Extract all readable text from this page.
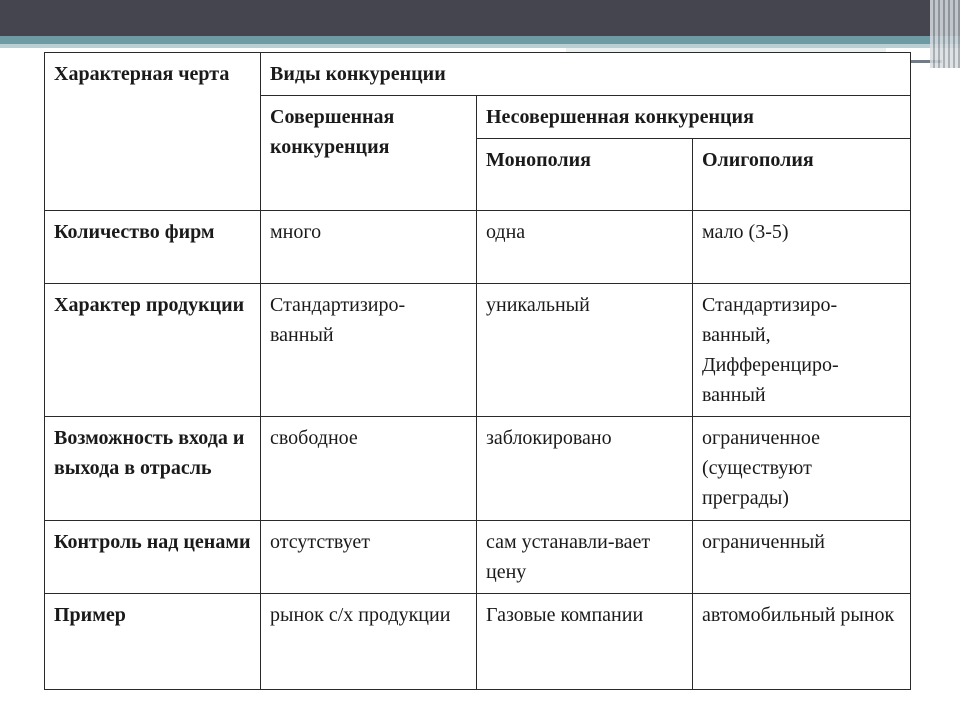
Характерная черта	Виды конкуренции		
	Совершенная конкуренция	Несовершенная конкуренция	
		Монополия	Олигополия
Количество фирм	много	одна	мало (3-5)
Характер продукции	Стандартизиро-ванный	уникальный	Стандартизиро-ванный, Дифференциро-ванный
Возможность входа и выхода в отрасль	свободное	заблокировано	ограниченное (существуют преграды)
Контроль над ценами	отсутствует	сам устанавли-вает цену	ограниченный
Пример	рынок с/х продукции	Газовые компании	автомобильный рынок
